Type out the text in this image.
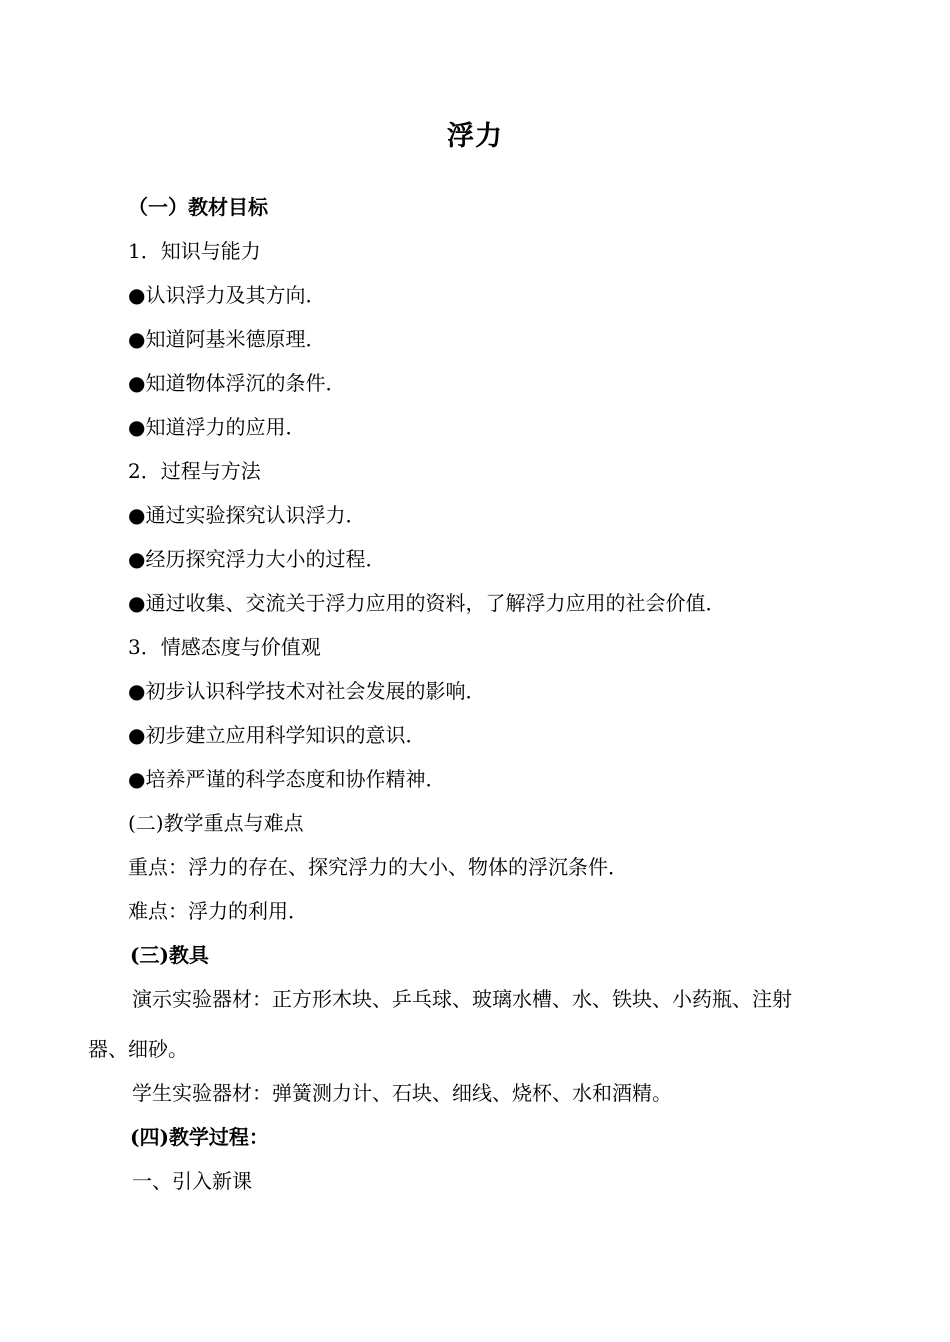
浮力
（一）教材目标
1．知识与能力
●认识浮力及其方向．
●知道阿基米德原理．
●知道物体浮沉的条件．
●知道浮力的应用．
2．过程与方法
●通过实验探究认识浮力．
●经历探究浮力大小的过程．
●通过收集、交流关于浮力应用的资料，了解浮力应用的社会价值．
3．情感态度与价值观
●初步认识科学技术对社会发展的影响．
●初步建立应用科学知识的意识．
●培养严谨的科学态度和协作精神．
(二)教学重点与难点
重点：浮力的存在、探究浮力的大小、物体的浮沉条件．
难点：浮力的利用．
(三)教具
演示实验器材：正方形木块、乒乓球、玻璃水槽、水、铁块、小药瓶、注射
器、细砂。
学生实验器材：弹簧测力计、石块、细线、烧杯、水和酒精。
(四)教学过程：
一、引入新课
